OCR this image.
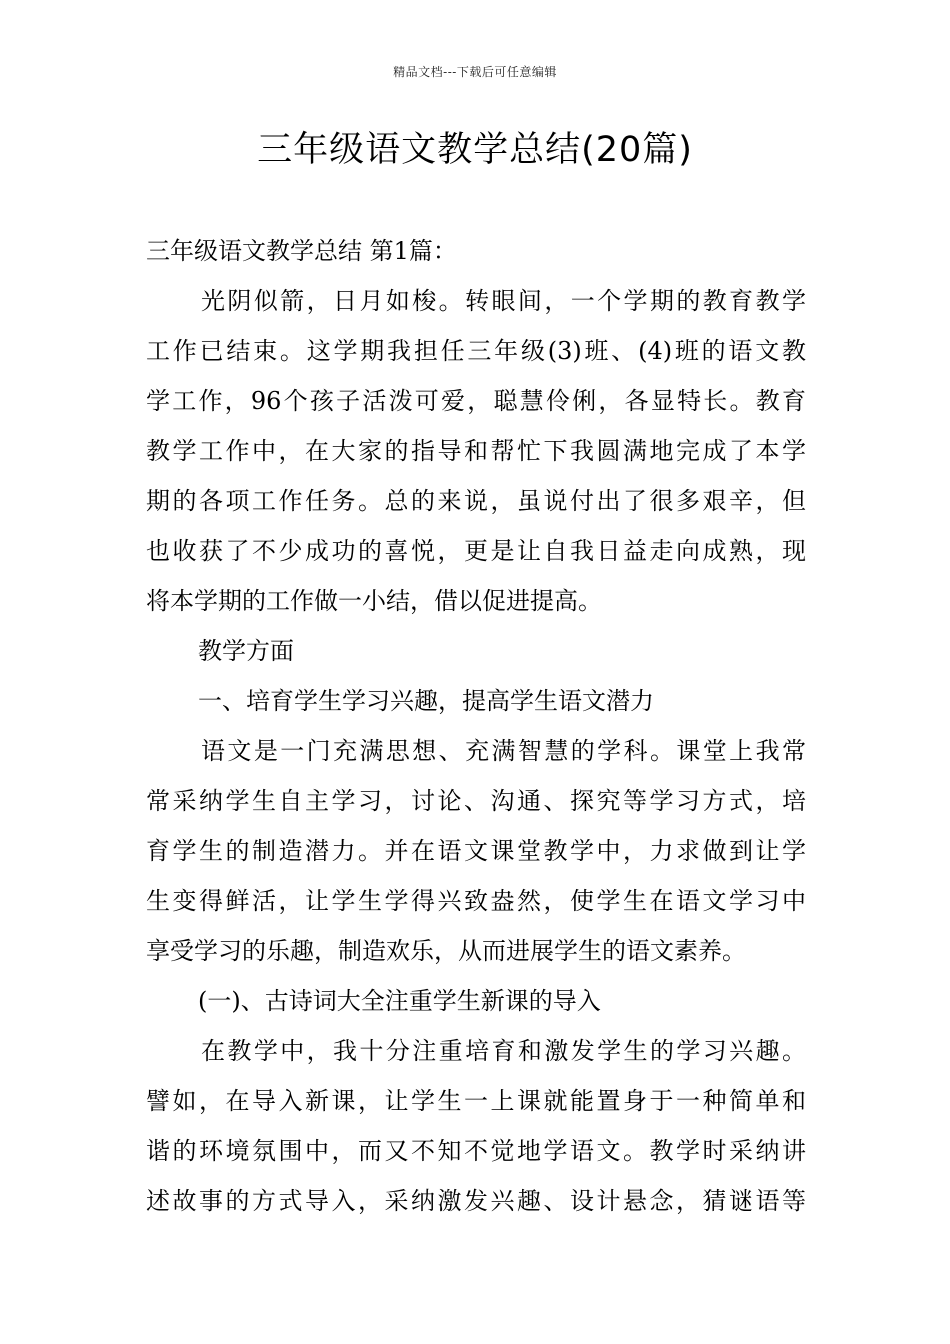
精品文档---下载后可任意编辑
三年级语文教学总结(20篇)
三年级语文教学总结 第1篇：
光阴似箭，日月如梭。转眼间，一个学期的教育教学
工作已结束。这学期我担任三年级(3)班、(4)班的语文教
学工作，96个孩子活泼可爱，聪慧伶俐，各显特长。教育
教学工作中，在大家的指导和帮忙下我圆满地完成了本学
期的各项工作任务。总的来说，虽说付出了很多艰辛，但
也收获了不少成功的喜悦，更是让自我日益走向成熟，现
将本学期的工作做一小结，借以促进提高。
教学方面
一、培育学生学习兴趣，提高学生语文潜力
语文是一门充满思想、充满智慧的学科。课堂上我常
常采纳学生自主学习，讨论、沟通、探究等学习方式，培
育学生的制造潜力。并在语文课堂教学中，力求做到让学
生变得鲜活，让学生学得兴致盎然，使学生在语文学习中
享受学习的乐趣，制造欢乐，从而进展学生的语文素养。
(一)、古诗词大全注重学生新课的导入
在教学中，我十分注重培育和激发学生的学习兴趣。
譬如，在导入新课，让学生一上课就能置身于一种简单和
谐的环境氛围中，而又不知不觉地学语文。教学时采纳讲
述故事的方式导入，采纳激发兴趣、设计悬念，猜谜语等
